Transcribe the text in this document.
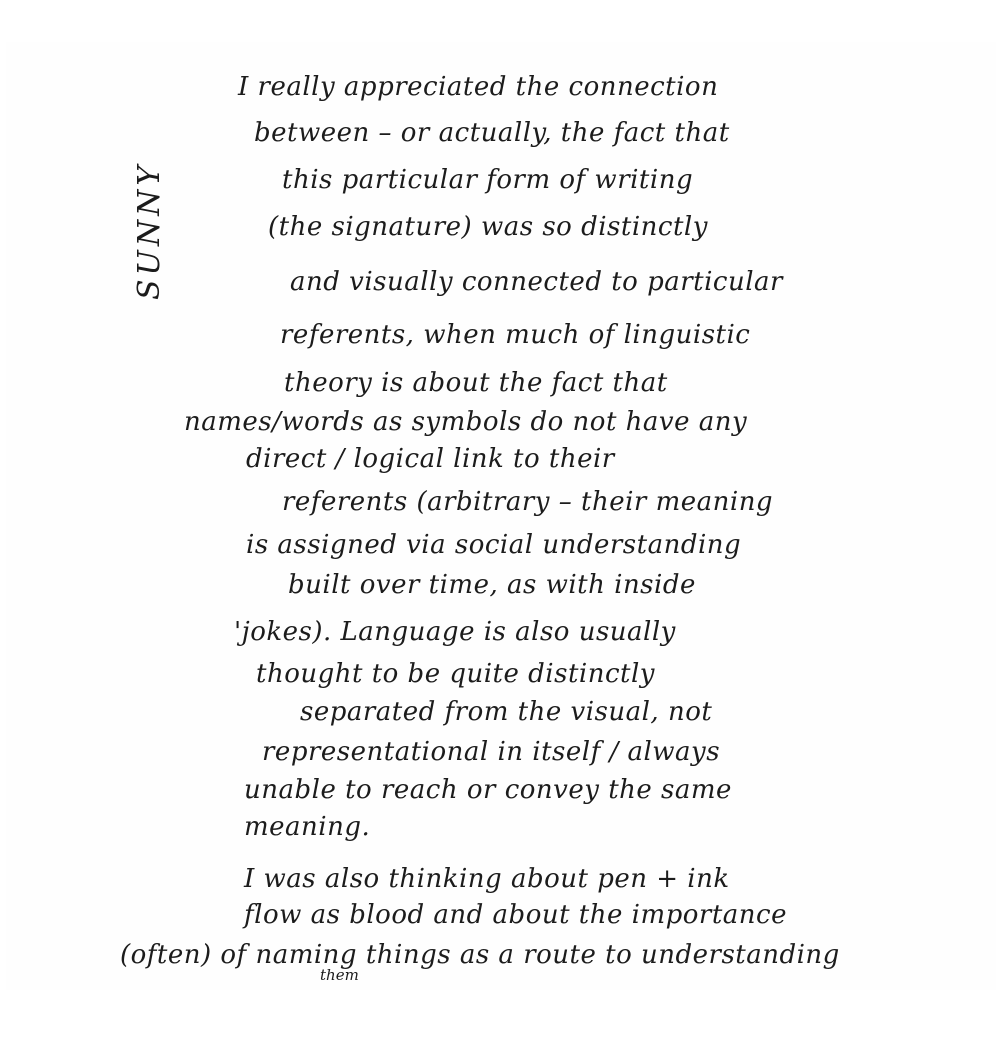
SUNNY
I really appreciated the connection
between – or actually, the fact that
this particular form of writing
(the signature) was so distinctly
and visually connected to particular
referents, when much of linguistic
theory is about the fact that
names/words as symbols do not have any
direct / logical link to their
referents (arbitrary – their meaning
is assigned via social understanding
built over time, as with inside
'jokes). Language is also usually
thought to be quite distinctly
separated from the visual, not
representational in itself / always
unable to reach or convey the same
meaning.
I was also thinking about pen + ink
flow as blood and about the importance
(often) of naming things as a route to understanding
them
